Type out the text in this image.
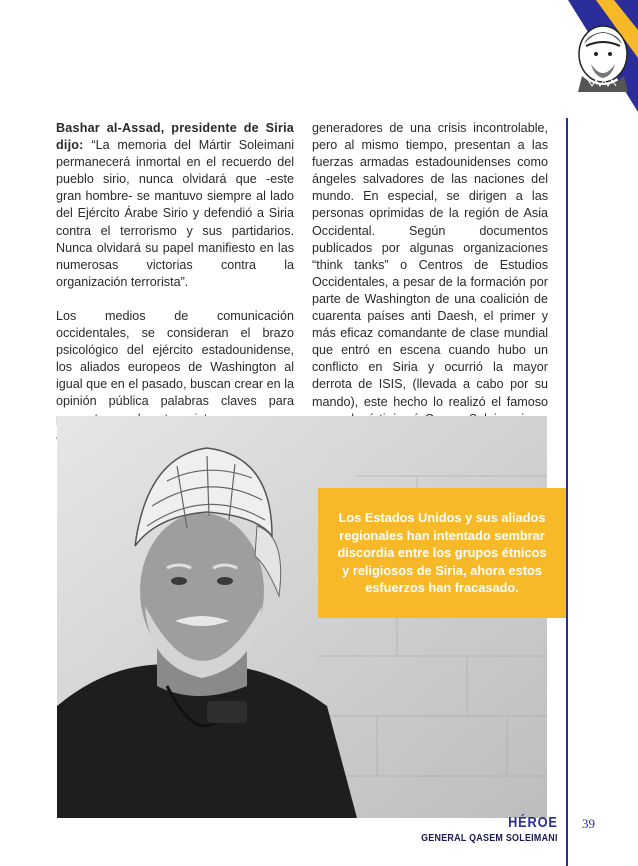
Bashar al-Assad, presidente de Siria dijo: “La memoria del Mártir Soleimani permanecerá inmortal en el recuerdo del pueblo sirio, nunca olvidará que -este gran hombre- se mantuvo siempre al lado del Ejército Árabe Sirio y defendió a Siria contra el terrorismo y sus partidarios. Nunca olvidará su papel manifiesto en las numerosas victorias contra la organización terrorista”.

Los medios de comunicación occidentales, se consideran el brazo psicológico del ejército estadounidense, los aliados europeos de Washington al igual que en el pasado, buscan crear en la opinión pública palabras claves para

generadores de una crisis incontrolable, pero al mismo tiempo, presentan a las fuerzas armadas estadounidenses como ángeles salvadores de las naciones del mundo. En especial, se dirigen a las personas oprimidas de la región de Asia Occidental. Según documentos publicados por algunas organizaciones “think tanks” o Centros de Estudios Occidentales, a pesar de la formación por parte de Washington de una coalición de cuarenta países anti Daesh, el primer y más eficaz comandante de clase mundial que entró en escena cuando hubo un conflicto en Siria y ocurrió la mayor derrota de ISIS, (llevada a cabo por su mando), este hecho lo realizó el famoso

Los Estados Unidos y sus aliados regionales han intentado sembrar discordia entre los grupos étnicos y religiosos de Siria, ahora estos esfuerzos han fracasado.
HÉROE
GENERAL QASEM SOLEIMANI
39
